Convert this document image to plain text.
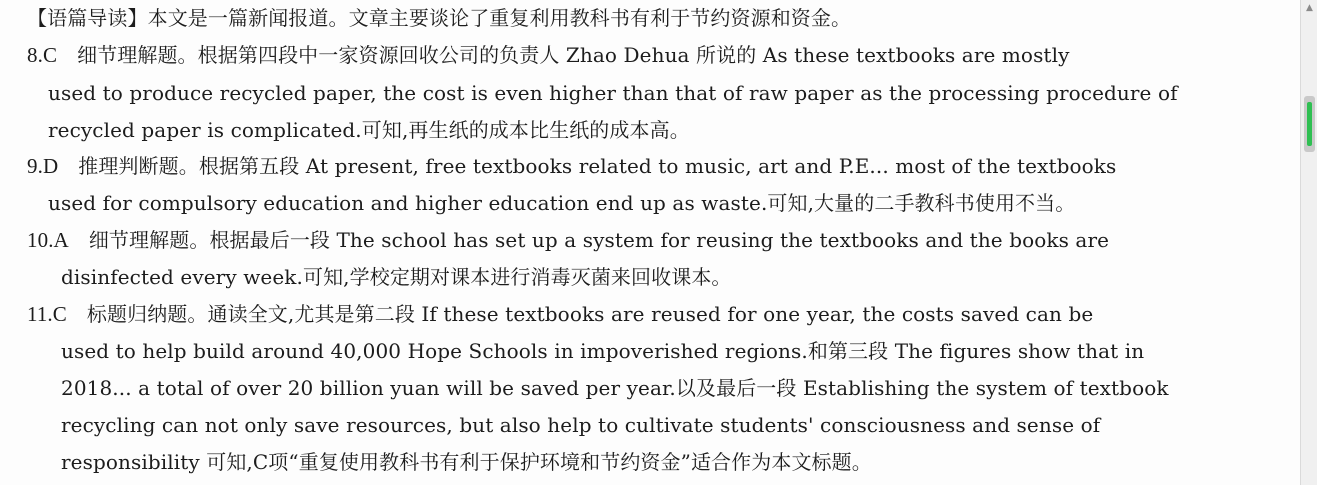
【语篇导读】本文是一篇新闻报道。文章主要谈论了重复利用教科书有利于节约资源和资金。
8.C 细节理解题。根据第四段中一家资源回收公司的负责人 Zhao Dehua 所说的 As these textbooks are mostly
used to produce recycled paper, the cost is even higher than that of raw paper as the processing procedure of
recycled paper is complicated.可知,再生纸的成本比生纸的成本高。
9.D 推理判断题。根据第五段 At present, free textbooks related to music, art and P.E... most of the textbooks
used for compulsory education and higher education end up as waste.可知,大量的二手教科书使用不当。
10.A 细节理解题。根据最后一段 The school has set up a system for reusing the textbooks and the books are
disinfected every week.可知,学校定期对课本进行消毒灭菌来回收课本。
11.C 标题归纳题。通读全文,尤其是第二段 If these textbooks are reused for one year, the costs saved can be
used to help build around 40,000 Hope Schools in impoverished regions.和第三段 The figures show that in
2018... a total of over 20 billion yuan will be saved per year.以及最后一段 Establishing the system of textbook
recycling can not only save resources, but also help to cultivate students' consciousness and sense of
responsibility 可知,C项“重复使用教科书有利于保护环境和节约资金”适合作为本文标题。
▲
